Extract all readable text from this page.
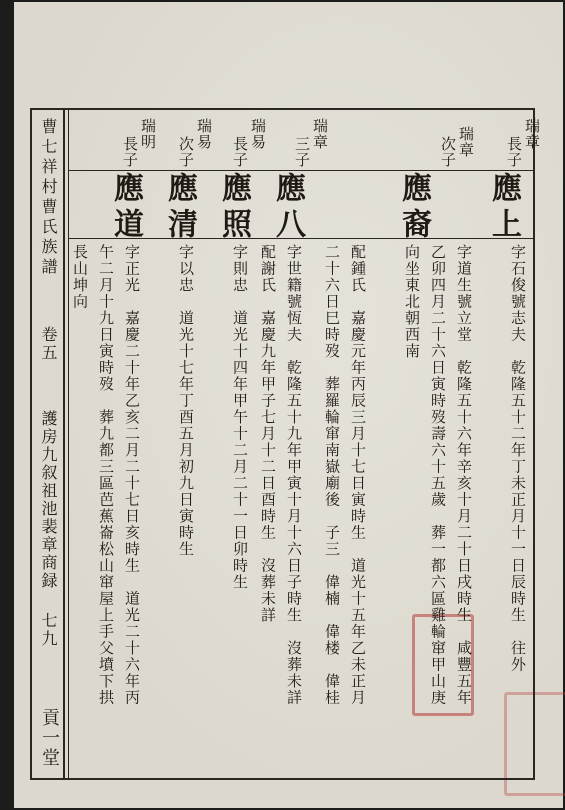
曹七祥村曹氏族譜
卷五
護房九叙祖池裴章商録
七九
貢一堂
瑞章
長子
瑞章
次子
瑞章
三子
瑞易
長子
瑞易
次子
瑞明
長子
應上
應裔
應八
應照
應清
應道
字石俊號志夫　乾隆五十二年丁未正月十一日辰時生　往外
字道生號立堂　乾隆五十六年辛亥十月二十日戌時生　咸豐五年
乙卯四月二十六日寅時歿壽六十五歲　葬一都六區雞輪窜甲山庚
向坐東北朝西南
配鍾氏　嘉慶元年丙辰三月十七日寅時生　道光十五年乙未正月
二十六日巳時歿　葬羅輪窜南嶽廟後　子三　偉楠　偉楼　偉桂
字世籍號恆夫　乾隆五十九年甲寅十月十六日子時生　沒葬未詳
配謝氏　嘉慶九年甲子七月十二日酉時生　沒葬未詳
字則忠　道光十四年甲午十二月二十一日卯時生
字以忠　道光十七年丁酉五月初九日寅時生
字正光　嘉慶二十年乙亥二月二十七日亥時生　道光二十六年丙
午二月十九日寅時歿　葬九都三區芭蕉崙松山窜屋上手父墳下拱
長山坤向
